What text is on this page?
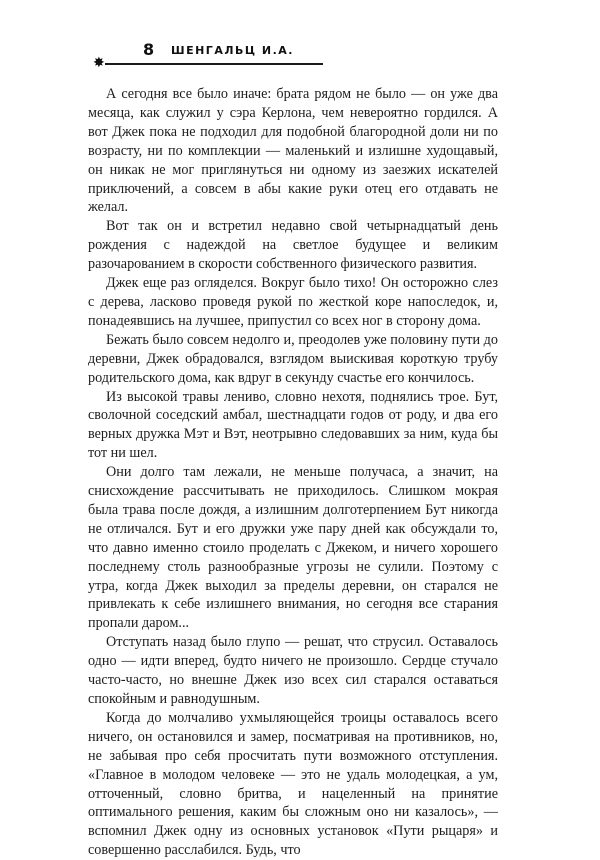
✸
8 ШЕНГАЛЬЦ И.А.

А сегодня все было иначе: брата рядом не было — он уже два месяца, как служил у сэра Керлона, чем невероятно гордился. А вот Джек пока не подходил для подобной благородной доли ни по возрасту, ни по комплекции — маленький и излишне худощавый, он никак не мог приглянуться ни одному из заезжих искателей приключений, а совсем в абы какие руки отец его отдавать не желал.

Вот так он и встретил недавно свой четырнадцатый день рождения с надеждой на светлое будущее и великим разочарованием в скорости собственного физического развития.

Джек еще раз огляделся. Вокруг было тихо! Он осторожно слез с дерева, ласково проведя рукой по жесткой коре напоследок, и, понадеявшись на лучшее, припустил со всех ног в сторону дома.

Бежать было совсем недолго и, преодолев уже половину пути до деревни, Джек обрадовался, взглядом выискивая короткую трубу родительского дома, как вдруг в секунду счастье его кончилось.

Из высокой травы лениво, словно нехотя, поднялись трое. Бут, сволочной соседский амбал, шестнадцати годов от роду, и два его верных дружка Мэт и Вэт, неотрывно следовавших за ним, куда бы тот ни шел.

Они долго там лежали, не меньше получаса, а значит, на снисхождение рассчитывать не приходилось. Слишком мокрая была трава после дождя, а излишним долготерпением Бут никогда не отличался. Бут и его дружки уже пару дней как обсуждали то, что давно именно стоило проделать с Джеком, и ничего хорошего последнему столь разнообразные угрозы не сулили. Поэтому с утра, когда Джек выходил за пределы деревни, он старался не привлекать к себе излишнего внимания, но сегодня все старания пропали даром...

Отступать назад было глупо — решат, что струсил. Оставалось одно — идти вперед, будто ничего не произошло. Сердце стучало часто-часто, но внешне Джек изо всех сил старался оставаться спокойным и равнодушным.

Когда до молчаливо ухмыляющейся троицы оставалось всего ничего, он остановился и замер, посматривая на противников, но, не забывая про себя просчитать пути возможного отступления. «Главное в молодом человеке — это не удаль молодецкая, а ум, отточенный, словно бритва, и нацеленный на принятие оптимального решения, каким бы сложным оно ни казалось», — вспомнил Джек одну из основных установок «Пути рыцаря» и совершенно расслабился. Будь, что
